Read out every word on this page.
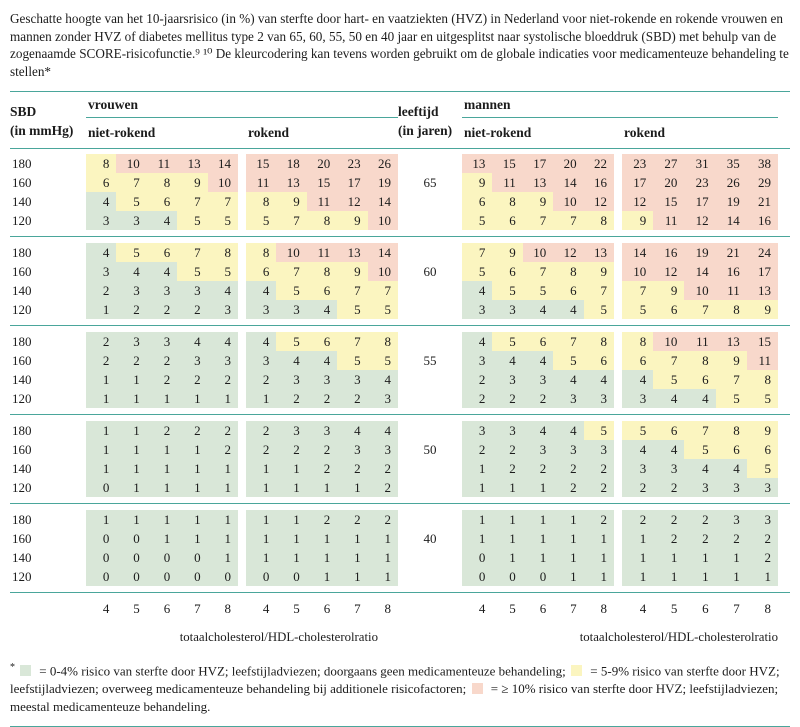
Geschatte hoogte van het 10-jaarsrisico (in %) van sterfte door hart- en vaatziekten (HVZ) in Nederland voor niet-rokende en rokende vrouwen en mannen zonder HVZ of diabetes mellitus type 2 van 65, 60, 55, 50 en 40 jaar en uitgesplitst naar systolische bloeddruk (SBD) met behulp van de zogenaamde SCORE-risicofunctie.⁹ ¹⁰ De kleurcodering kan tevens worden gebruikt om de globale indicaties voor medicamenteuze behandeling te stellen*

SBD
(in mmHg)
vrouwen
niet-rokend	rokend
leeftijd
(in jaren)
mannen
niet-rokend	rokend
180	8	10	11	13	14	15	18	20	23	26	13	15	17	20	22	23	27	31	35	38
160	6	7	8	9	10	11	13	15	17	19	65	9	11	13	14	16	17	20	23	26	29
140	4	5	6	7	7	8	9	11	12	14	6	8	9	10	12	12	15	17	19	21
120	3	3	4	5	5	5	7	8	9	10	5	6	7	7	8	9	11	12	14	16
180	4	5	6	7	8	8	10	11	13	14	7	9	10	12	13	14	16	19	21	24
160	3	4	4	5	5	6	7	8	9	10	60	5	6	7	8	9	10	12	14	16	17
140	2	3	3	3	4	4	5	6	7	7	4	5	5	6	7	7	9	10	11	13
120	1	2	2	2	3	3	3	4	5	5	3	3	4	4	5	5	6	7	8	9
180	2	3	3	4	4	4	5	6	7	8	4	5	6	7	8	8	10	11	13	15
160	2	2	2	3	3	3	4	4	5	5	55	3	4	4	5	6	6	7	8	9	11
140	1	1	2	2	2	2	3	3	3	4	2	3	3	4	4	4	5	6	7	8
120	1	1	1	1	1	1	2	2	2	3	2	2	2	3	3	3	4	4	5	5
180	1	1	2	2	2	2	3	3	4	4	3	3	4	4	5	5	6	7	8	9
160	1	1	1	1	2	2	2	2	3	3	50	2	2	3	3	3	4	4	5	6	6
140	1	1	1	1	1	1	1	2	2	2	1	2	2	2	2	3	3	4	4	5
120	0	1	1	1	1	1	1	1	1	2	1	1	1	2	2	2	2	3	3	3
180	1	1	1	1	1	1	1	2	2	2	1	1	1	1	2	2	2	2	3	3
160	0	0	1	1	1	1	1	1	1	1	40	1	1	1	1	1	1	2	2	2	2
140	0	0	0	0	1	1	1	1	1	1	0	1	1	1	1	1	1	1	1	2
120	0	0	0	0	0	0	0	1	1	1	0	0	0	1	1	1	1	1	1	1
4	5	6	7	8	4	5	6	7	8	4	5	6	7	8	4	5	6	7	8
totaalcholesterol/HDL-cholesterolratio	totaalcholesterol/HDL-cholesterolratio

* = 0-4% risico van sterfte door HVZ; leefstijladviezen; doorgaans geen medicamenteuze behandeling; = 5-9% risico van sterfte door HVZ; leefstijladviezen; overweeg medicamenteuze behandeling bij additionele risicofactoren; = ≥ 10% risico van sterfte door HVZ; leefstijladviezen; meestal medicamenteuze behandeling.
